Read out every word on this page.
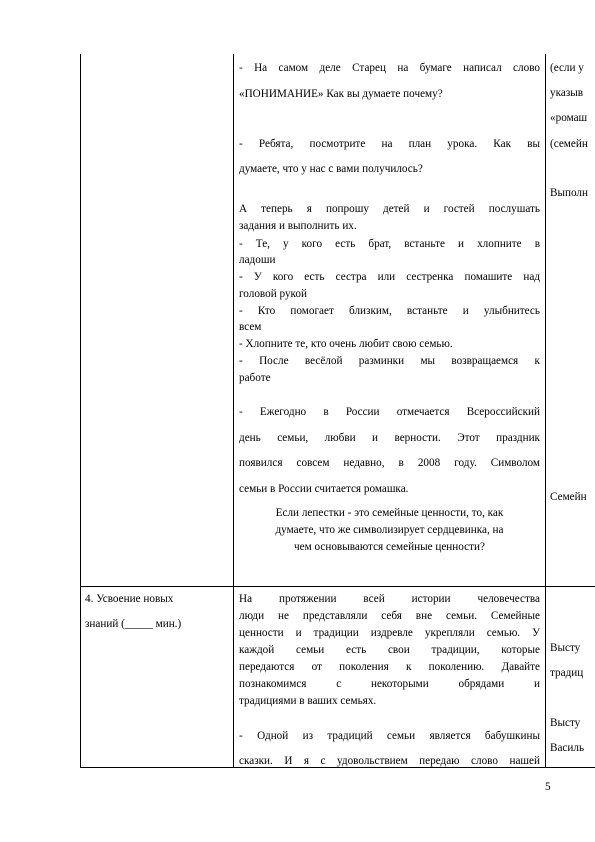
- На самом деле Старец на бумаге написал слово
«ПОНИМАНИЕ» Как вы думаете почему?
- Ребята, посмотрите на план урока. Как вы
думаете, что у нас с вами получилось?
А теперь я попрошу детей и гостей послушать
задания и выполнить их.
- Те, у кого есть брат, встаньте и хлопните в
ладоши
- У кого есть сестра или сестренка помашите над
головой рукой
- Кто помогает близким, встаньте и улыбнитесь
всем
- Хлопните те, кто очень любит свою семью.
- После весёлой разминки мы возвращаемся к
работе
- Ежегодно в России отмечается Всероссийский
день семьи, любви и верности. Этот праздник
появился совсем недавно, в 2008 году. Символом
семьи в России считается ромашка.
Если лепестки - это семейные ценности, то, как
думаете, что же символизирует сердцевинка, на
чем основываются семейные ценности?
(если у
указыв
«ромаш
(семейн
Выполн
Семейн
4. Усвоение новых
знаний (_____ мин.)
На протяжении всей истории человечества
люди не представляли себя вне семьи. Семейные
ценности и традиции издревле укрепляли семью. У
каждой семьи есть свои традиции, которые
передаются от поколения к поколению. Давайте
познакомимся с некоторыми обрядами и
традициями в ваших семьях.
- Одной из традиций семьи является бабушкины
сказки. И я с удовольствием передаю слово нашей
Высту
традиц
Высту
Василь
5
